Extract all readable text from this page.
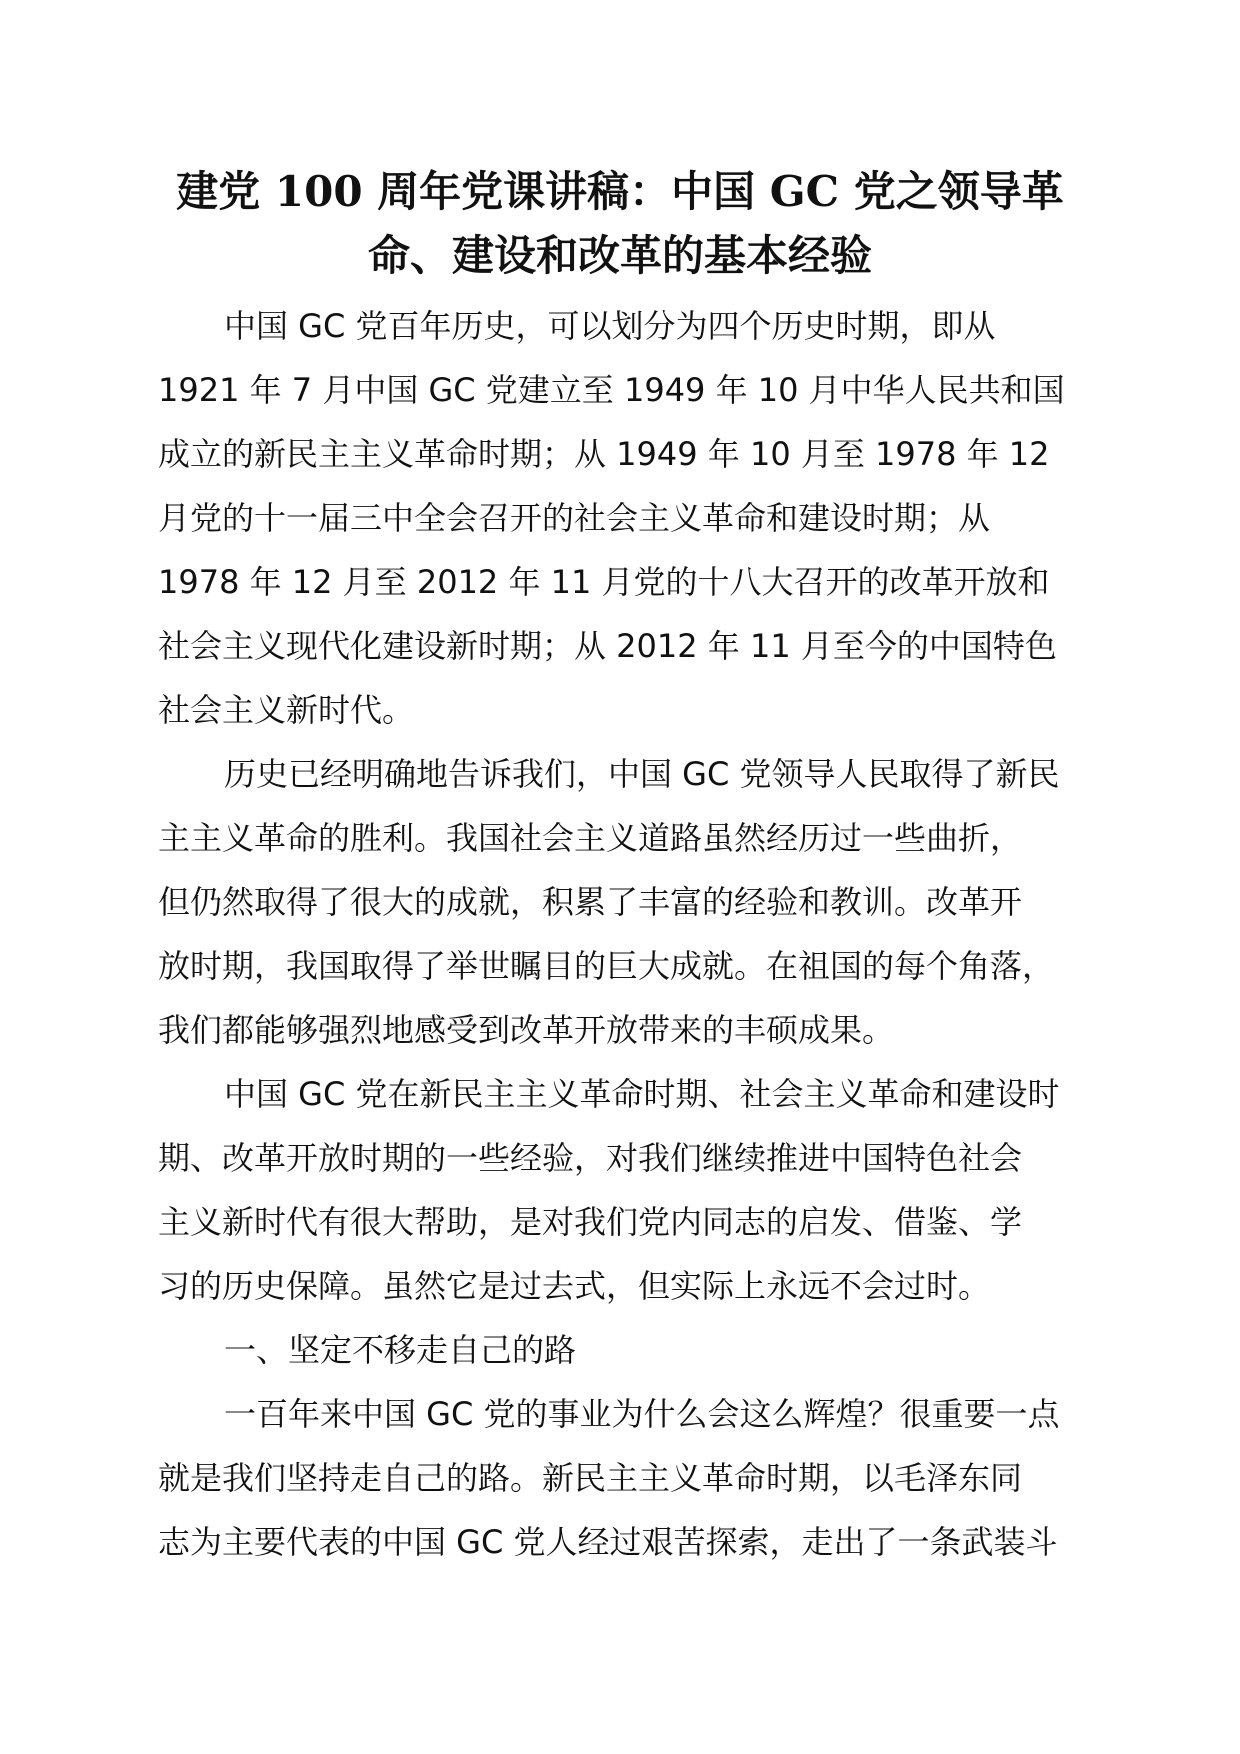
建党 100 周年党课讲稿：中国 GC 党之领导革
命、建设和改革的基本经验

中国 GC 党百年历史，可以划分为四个历史时期，即从
1921 年 7 月中国 GC 党建立至 1949 年 10 月中华人民共和国
成立的新民主主义革命时期；从 1949 年 10 月至 1978 年 12
月党的十一届三中全会召开的社会主义革命和建设时期；从
1978 年 12 月至 2012 年 11 月党的十八大召开的改革开放和
社会主义现代化建设新时期；从 2012 年 11 月至今的中国特色
社会主义新时代。

历史已经明确地告诉我们，中国 GC 党领导人民取得了新民
主主义革命的胜利。我国社会主义道路虽然经历过一些曲折，
但仍然取得了很大的成就，积累了丰富的经验和教训。改革开
放时期，我国取得了举世瞩目的巨大成就。在祖国的每个角落，
我们都能够强烈地感受到改革开放带来的丰硕成果。

中国 GC 党在新民主主义革命时期、社会主义革命和建设时
期、改革开放时期的一些经验，对我们继续推进中国特色社会
主义新时代有很大帮助，是对我们党内同志的启发、借鉴、学
习的历史保障。虽然它是过去式，但实际上永远不会过时。

一、坚定不移走自己的路

一百年来中国 GC 党的事业为什么会这么辉煌？很重要一点
就是我们坚持走自己的路。新民主主义革命时期，以毛泽东同
志为主要代表的中国 GC 党人经过艰苦探索，走出了一条武装斗
